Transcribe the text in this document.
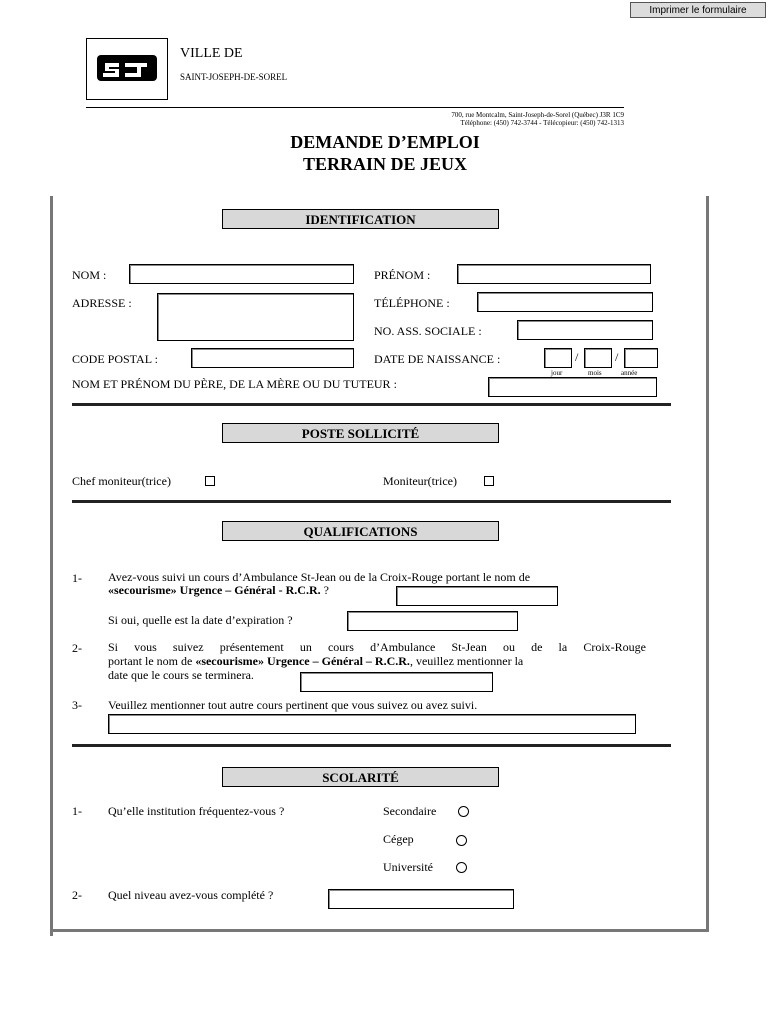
Imprimer le formulaire
VILLE DE
SAINT-JOSEPH-DE-SOREL
700, rue Montcalm, Saint-Joseph-de-Sorel (Québec) J3R 1C9
Téléphone: (450) 742-3744 - Télécopieur: (450) 742-1313
DEMANDE D’EMPLOI
TERRAIN DE JEUX
IDENTIFICATION
NOM :	PRÉNOM :
ADRESSE :	TÉLÉPHONE :
NO. ASS. SOCIALE :
CODE POSTAL :	DATE DE NAISSANCE :	/	/
jour	mois	année
NOM ET PRÉNOM DU PÈRE, DE LA MÈRE OU DU TUTEUR :
POSTE SOLLICITÉ
Chef moniteur(trice)	Moniteur(trice)
QUALIFICATIONS
1- Avez-vous suivi un cours d’Ambulance St-Jean ou de la Croix-Rouge portant le nom de
«secourisme» Urgence – Général - R.C.R. ?
Si oui, quelle est la date d’expiration ?
2- Si vous suivez présentement un cours d’Ambulance St-Jean ou de la Croix-Rouge
portant le nom de «secourisme» Urgence – Général – R.C.R., veuillez mentionner la
date que le cours se terminera.
3- Veuillez mentionner tout autre cours pertinent que vous suivez ou avez suivi.
SCOLARITÉ
1- Qu’elle institution fréquentez-vous ?	Secondaire
Cégep
Université
2- Quel niveau avez-vous complété ?
